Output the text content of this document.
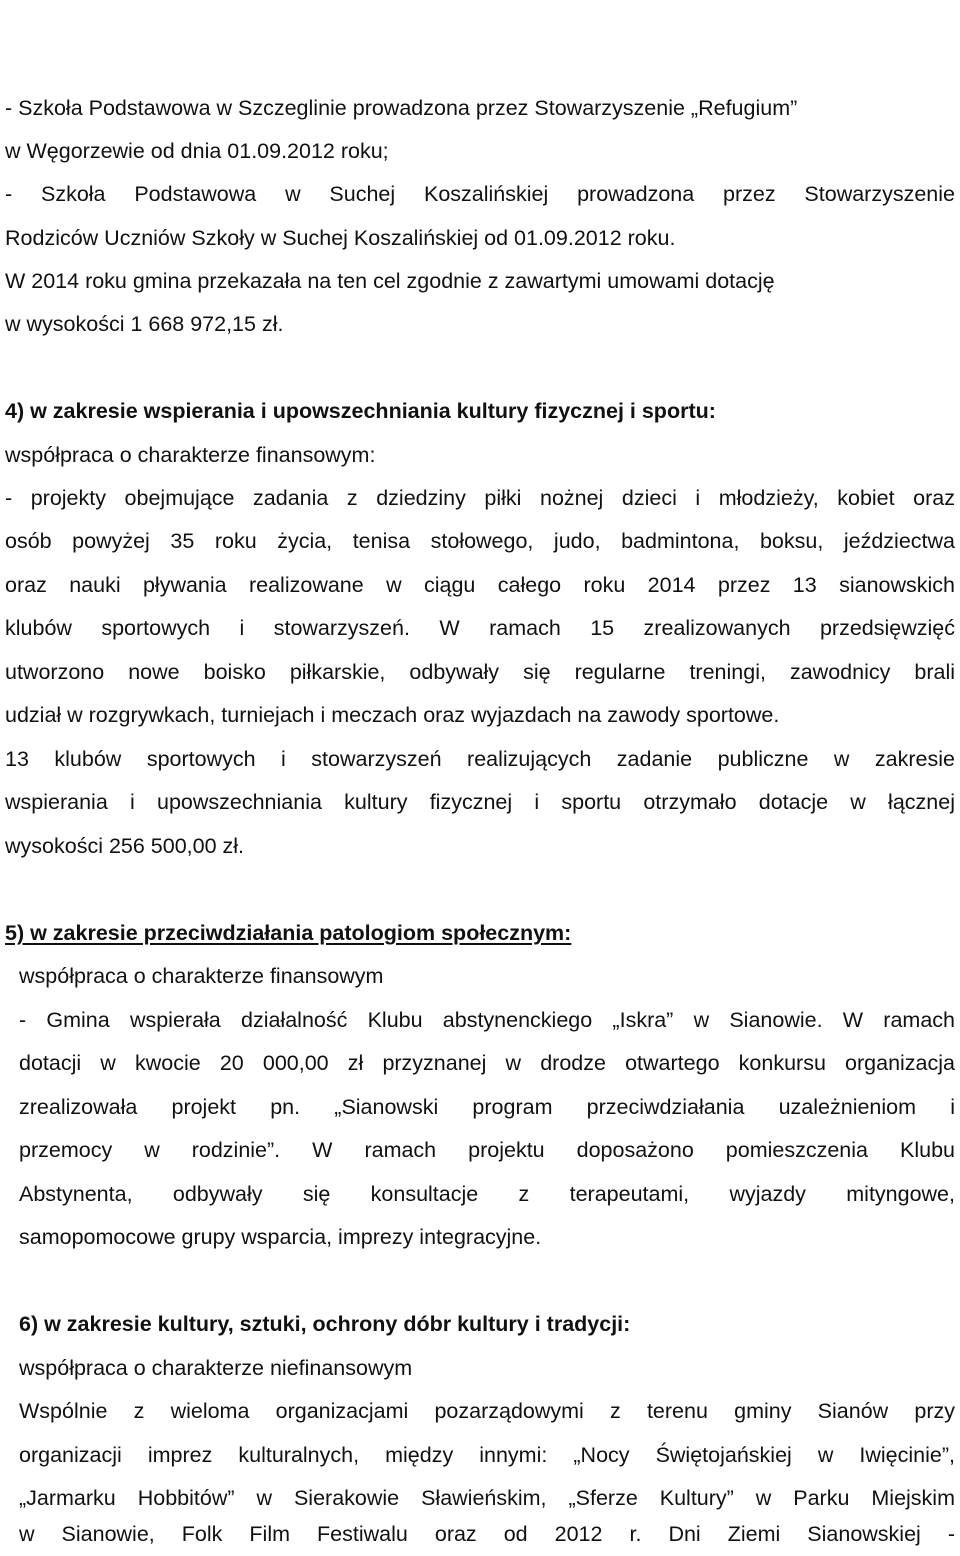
- Szkoła Podstawowa w Szczeglinie prowadzona przez Stowarzyszenie „Refugium”
w Węgorzewie od dnia 01.09.2012 roku;
- Szkoła Podstawowa w Suchej Koszalińskiej prowadzona przez Stowarzyszenie
Rodziców Uczniów Szkoły w Suchej Koszalińskiej od 01.09.2012 roku.
W 2014 roku gmina przekazała na ten cel zgodnie z zawartymi umowami dotację
w wysokości 1 668 972,15 zł.
4) w zakresie wspierania i upowszechniania kultury fizycznej i sportu:
współpraca o charakterze finansowym:
- projekty obejmujące zadania z dziedziny piłki nożnej dzieci i młodzieży, kobiet oraz
osób powyżej 35 roku życia, tenisa stołowego, judo, badmintona, boksu, jeździectwa
oraz nauki pływania realizowane w ciągu całego roku 2014 przez 13 sianowskich
klubów sportowych i stowarzyszeń. W ramach 15 zrealizowanych przedsięwzięć
utworzono nowe boisko piłkarskie, odbywały się regularne treningi, zawodnicy brali
udział w rozgrywkach, turniejach i meczach oraz wyjazdach na zawody sportowe.
13 klubów sportowych i stowarzyszeń realizujących zadanie publiczne w zakresie
wspierania i upowszechniania kultury fizycznej i sportu otrzymało dotacje w łącznej
wysokości 256 500,00 zł.
5) w zakresie przeciwdziałania patologiom społecznym:
współpraca o charakterze finansowym
- Gmina wspierała działalność Klubu abstynenckiego „Iskra” w Sianowie. W ramach
dotacji w kwocie 20 000,00 zł przyznanej w drodze otwartego konkursu organizacja
zrealizowała projekt pn. „Sianowski program przeciwdziałania uzależnieniom i
przemocy w rodzinie”. W ramach projektu doposażono pomieszczenia Klubu
Abstynenta, odbywały się konsultacje z terapeutami, wyjazdy mityngowe,
samopomocowe grupy wsparcia, imprezy integracyjne.
6) w zakresie kultury, sztuki, ochrony dóbr kultury i tradycji:
współpraca o charakterze niefinansowym
Wspólnie z wieloma organizacjami pozarządowymi z terenu gminy Sianów przy
organizacji imprez kulturalnych, między innymi: „Nocy Świętojańskiej w Iwięcinie”,
„Jarmarku Hobbitów” w Sierakowie Sławieńskim, „Sferze Kultury” w Parku Miejskim
w Sianowie, Folk Film Festiwalu oraz od 2012 r. Dni Ziemi Sianowskiej -
